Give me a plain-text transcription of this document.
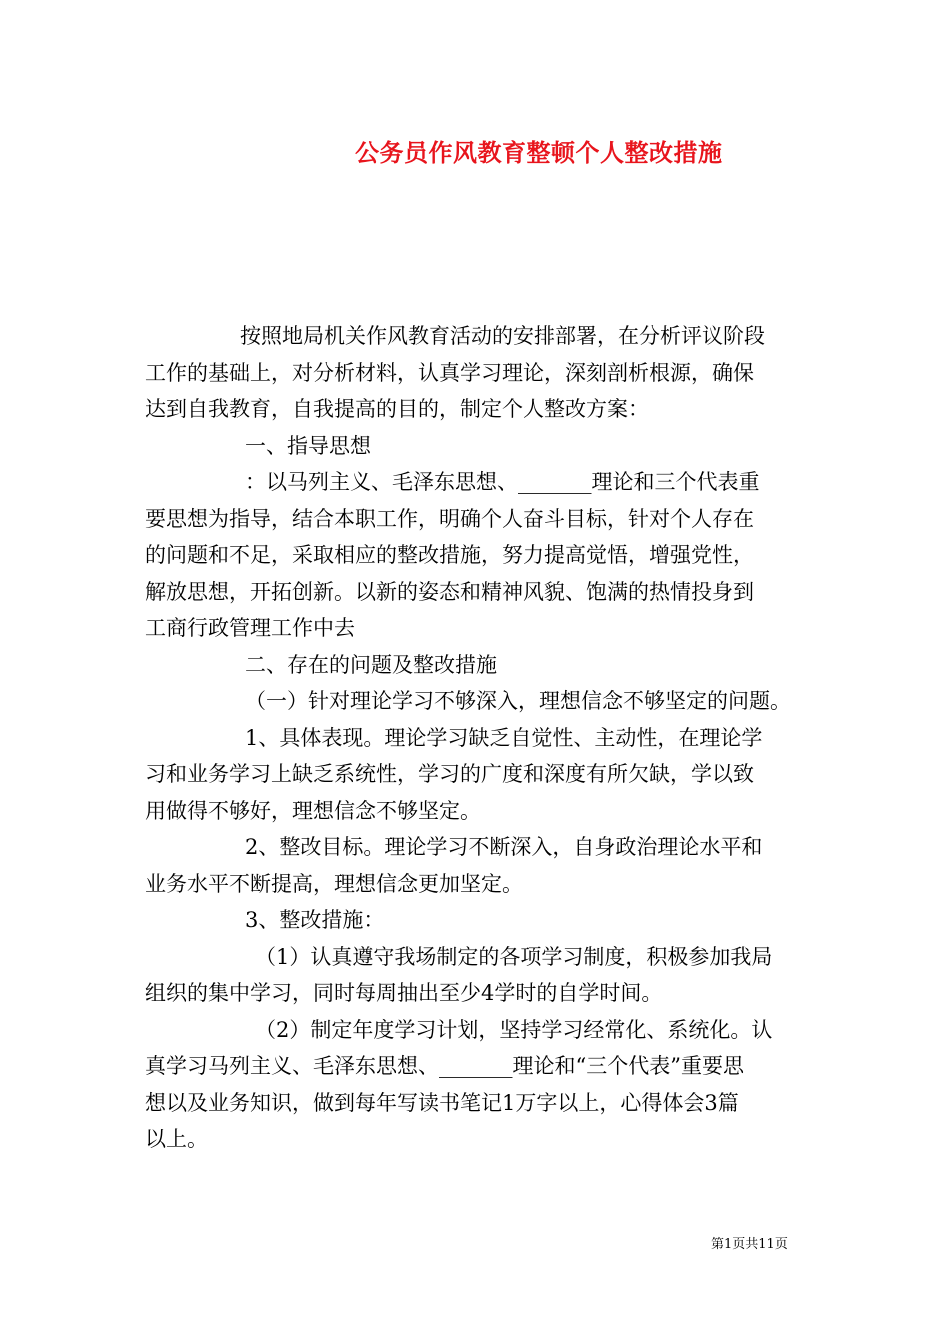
公务员作风教育整顿个人整改措施

按照地局机关作风教育活动的安排部署，在分析评议阶段
工作的基础上，对分析材料，认真学习理论，深刻剖析根源，确保
达到自我教育，自我提高的目的，制定个人整改方案：

一、指导思想

：以马列主义、毛泽东思想、_______理论和三个代表重
要思想为指导，结合本职工作，明确个人奋斗目标，针对个人存在
的问题和不足，采取相应的整改措施，努力提高觉悟，增强党性，
解放思想，开拓创新。以新的姿态和精神风貌、饱满的热情投身到
工商行政管理工作中去

二、存在的问题及整改措施

（一）针对理论学习不够深入，理想信念不够坚定的问题。

1、具体表现。理论学习缺乏自觉性、主动性，在理论学
习和业务学习上缺乏系统性，学习的广度和深度有所欠缺，学以致
用做得不够好，理想信念不够坚定。

2、整改目标。理论学习不断深入，自身政治理论水平和
业务水平不断提高，理想信念更加坚定。

3、整改措施：

（1）认真遵守我场制定的各项学习制度，积极参加我局
组织的集中学习，同时每周抽出至少4学时的自学时间。

（2）制定年度学习计划，坚持学习经常化、系统化。认
真学习马列主义、毛泽东思想、_______理论和“三个代表”重要思
想以及业务知识，做到每年写读书笔记1万字以上，心得体会3篇
以上。

第1页共11页
